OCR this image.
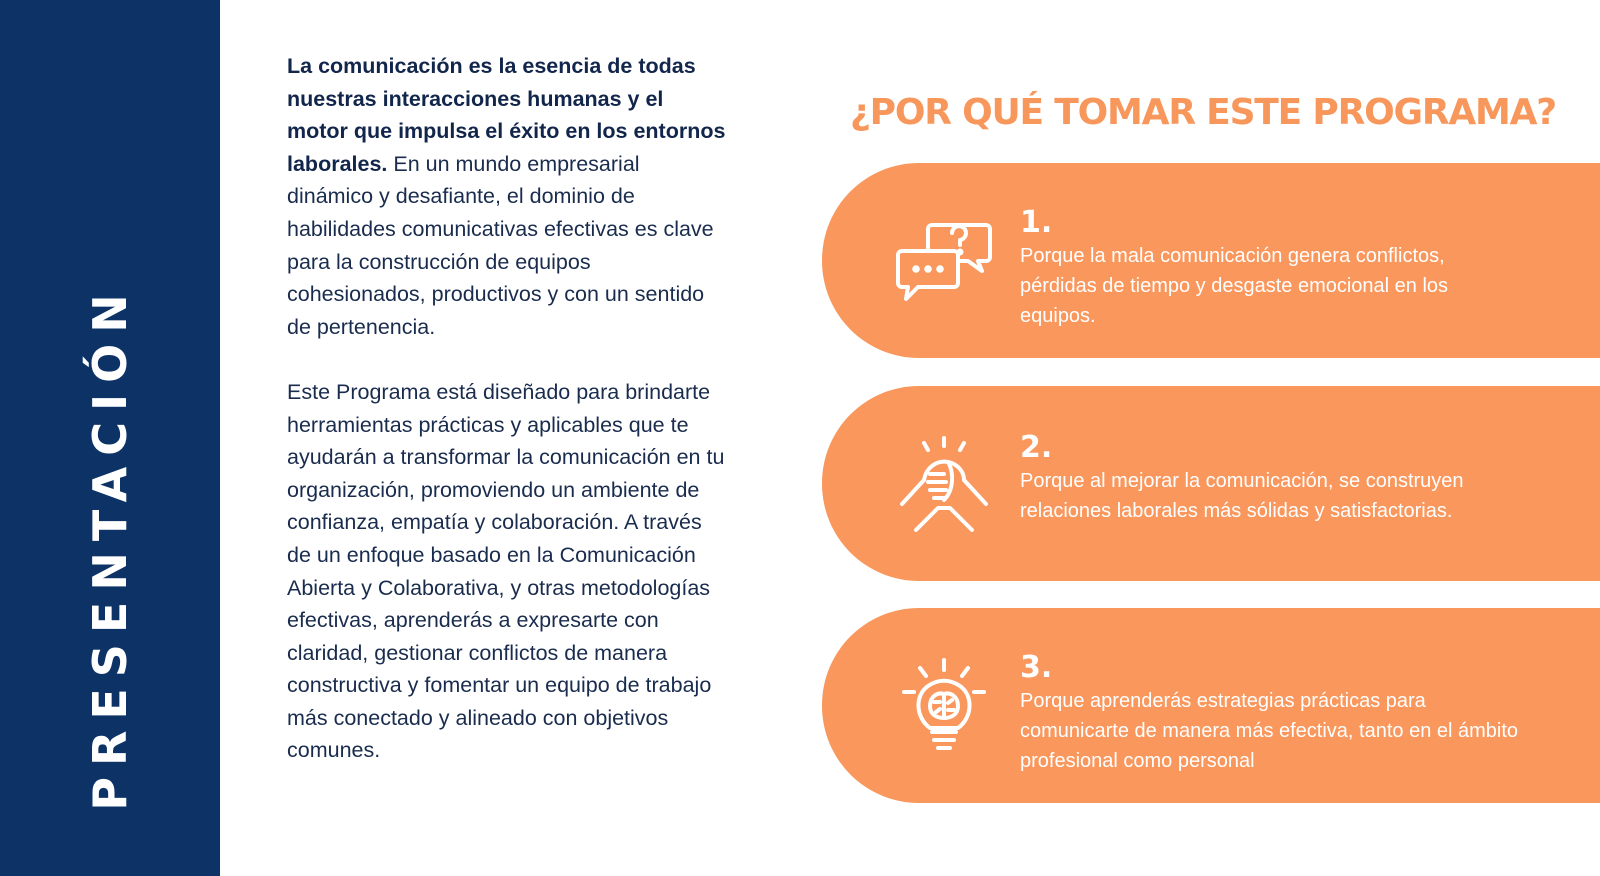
PRESENTACIÓN

La comunicación es la esencia de todas nuestras interacciones humanas y el motor que impulsa el éxito en los entornos laborales. En un mundo empresarial dinámico y desafiante, el dominio de habilidades comunicativas efectivas es clave para la construcción de equipos cohesionados, productivos y con un sentido de pertenencia.

Este Programa está diseñado para brindarte herramientas prácticas y aplicables que te ayudarán a transformar la comunicación en tu organización, promoviendo un ambiente de confianza, empatía y colaboración. A través de un enfoque basado en la Comunicación Abierta y Colaborativa, y otras metodologías efectivas, aprenderás a expresarte con claridad, gestionar conflictos de manera constructiva y fomentar un equipo de trabajo más conectado y alineado con objetivos comunes.

¿POR QUÉ TOMAR ESTE PROGRAMA?
1.
Porque la mala comunicación genera conflictos, pérdidas de tiempo y desgaste emocional en los equipos.
2.
Porque al mejorar la comunicación, se construyen relaciones laborales más sólidas y satisfactorias.
3.
Porque aprenderás estrategias prácticas para comunicarte de manera más efectiva, tanto en el ámbito profesional como personal
